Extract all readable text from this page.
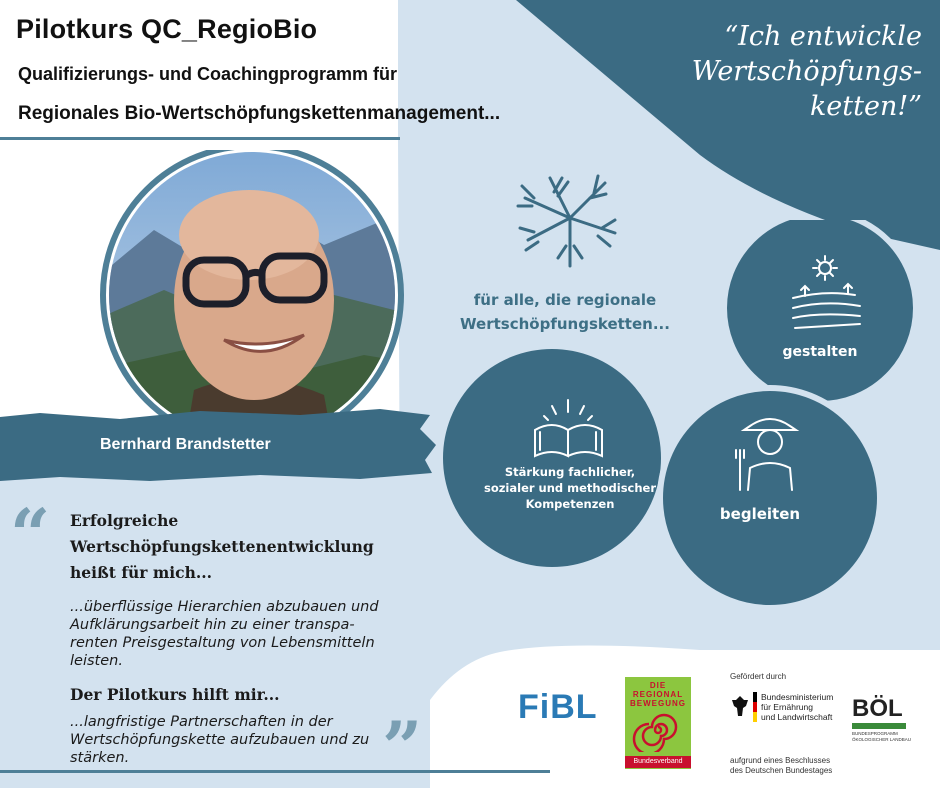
Pilotkurs QC_RegioBio
Qualifizierungs- und Coachingprogramm für
Regionales Bio-Wertschöpfungskettenmanagement...
“Ich entwickle
Wertschöpfungs-
ketten!”
Bernhard Brandstetter
für alle, die regionale
Wertschöpfungsketten...
gestalten
Stärkung fachlicher,
sozialer und methodischer
Kompetenzen
begleiten
“ Erfolgreiche
Wertschöpfungskettenentwicklung
heißt für mich...
...überflüssige Hierarchien abzubauen und
Aufklärungsarbeit hin zu einer transpa-
renten Preisgestaltung von Lebensmitteln
leisten.
Der Pilotkurs hilft mir...
...langfristige Partnerschaften in der
Wertschöpfungskette aufzubauen und zu
stärken.	”	FiBL
DIE
REGIONAL
BEWEGUNG
Bundesverband
Gefördert durch
Bundesministerium
für Ernährung
und Landwirtschaft
aufgrund eines Beschlusses
des Deutschen Bundestages
BÖL
BUNDESPROGRAMM
ÖKOLOGISCHER LANDBAU
